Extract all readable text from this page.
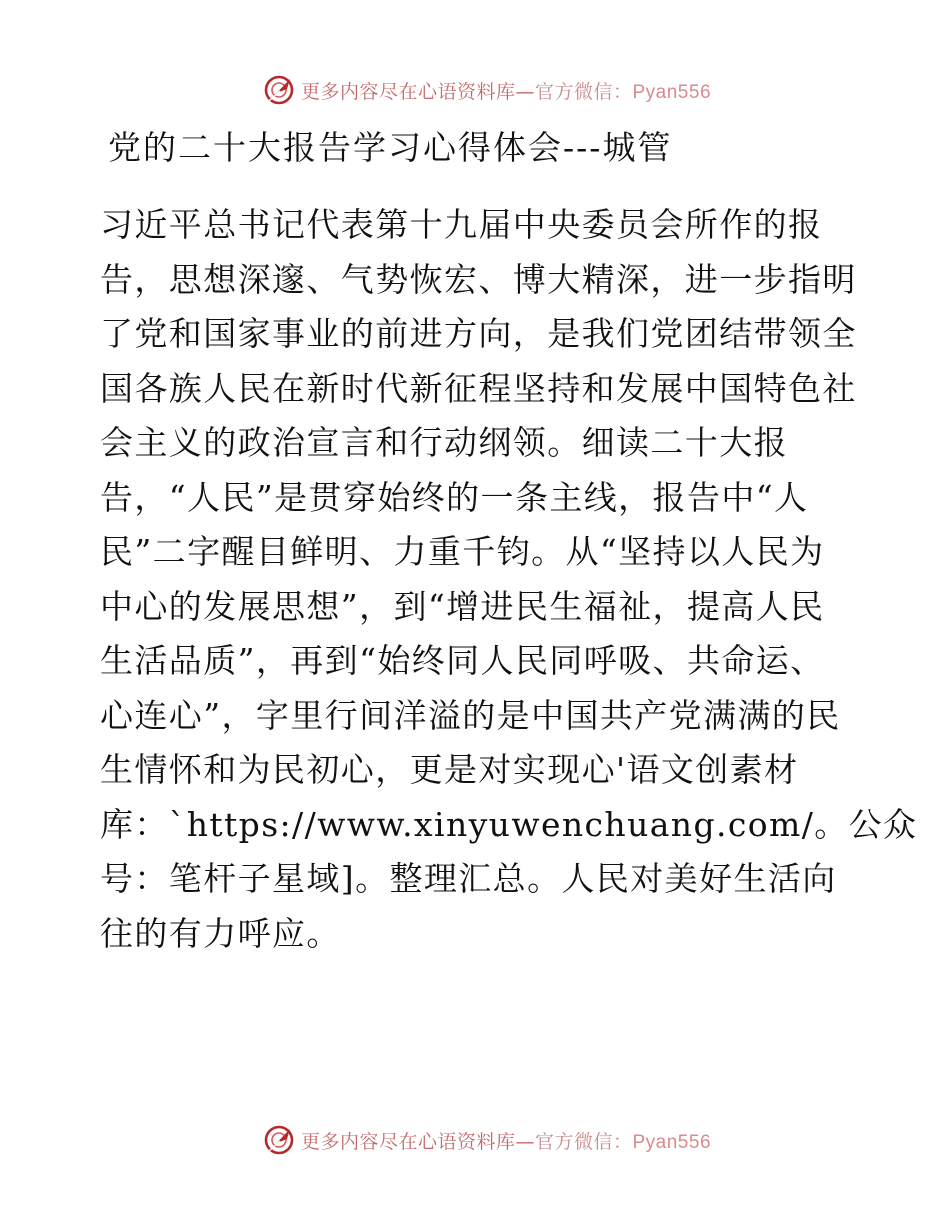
更多内容尽在心语资料库—官方微信：Pyan556
党的二十大报告学习心得体会---城管
习近平总书记代表第十九届中央委员会所作的报
告，思想深邃、气势恢宏、博大精深，进一步指明
了党和国家事业的前进方向，是我们党团结带领全
国各族人民在新时代新征程坚持和发展中国特色社
会主义的政治宣言和行动纲领。细读二十大报
告，“人民”是贯穿始终的一条主线，报告中“人
民”二字醒目鲜明、力重千钧。从“坚持以人民为
中心的发展思想”，到“增进民生福祉，提高人民
生活品质”，再到“始终同人民同呼吸、共命运、
心连心”，字里行间洋溢的是中国共产党满满的民
生情怀和为民初心，更是对实现心'语文创素材
库：`https://www.xinyuwenchuang.com/。公众
号：笔杆子星域]。整理汇总。人民对美好生活向
往的有力呼应。
更多内容尽在心语资料库—官方微信：Pyan556
